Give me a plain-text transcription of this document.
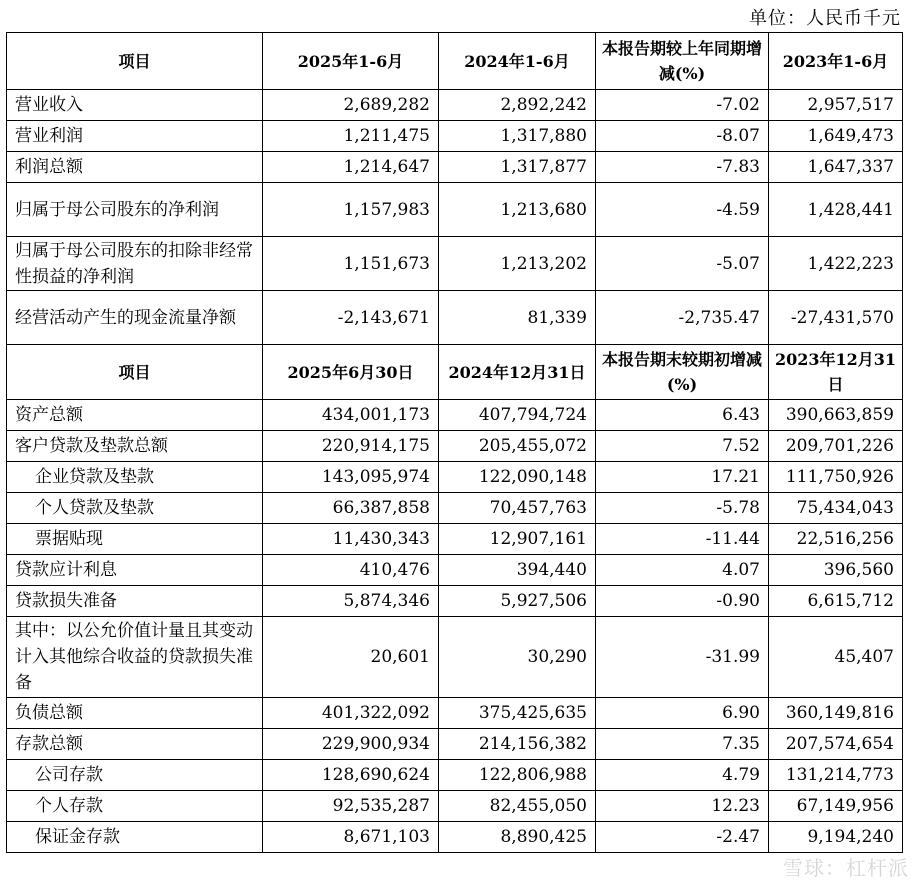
单位：人民币千元
项目	2025年1-6月	2024年1-6月	本报告期较上年同期增减(%)	2023年1-6月
营业收入	2,689,282	2,892,242	-7.02	2,957,517
营业利润	1,211,475	1,317,880	-8.07	1,649,473
利润总额	1,214,647	1,317,877	-7.83	1,647,337
归属于母公司股东的净利润	1,157,983	1,213,680	-4.59	1,428,441
归属于母公司股东的扣除非经常性损益的净利润	1,151,673	1,213,202	-5.07	1,422,223
经营活动产生的现金流量净额	-2,143,671	81,339	-2,735.47	-27,431,570
项目	2025年6月30日	2024年12月31日	本报告期末较期初增减(%)	2023年12月31日
资产总额	434,001,173	407,794,724	6.43	390,663,859
客户贷款及垫款总额	220,914,175	205,455,072	7.52	209,701,226
企业贷款及垫款	143,095,974	122,090,148	17.21	111,750,926
个人贷款及垫款	66,387,858	70,457,763	-5.78	75,434,043
票据贴现	11,430,343	12,907,161	-11.44	22,516,256
贷款应计利息	410,476	394,440	4.07	396,560
贷款损失准备	5,874,346	5,927,506	-0.90	6,615,712
其中：以公允价值计量且其变动计入其他综合收益的贷款损失准备	20,601	30,290	-31.99	45,407
负债总额	401,322,092	375,425,635	6.90	360,149,816
存款总额	229,900,934	214,156,382	7.35	207,574,654
公司存款	128,690,624	122,806,988	4.79	131,214,773
个人存款	92,535,287	82,455,050	12.23	67,149,956
保证金存款	8,671,103	8,890,425	-2.47	9,194,240
雪球：杠杆派
